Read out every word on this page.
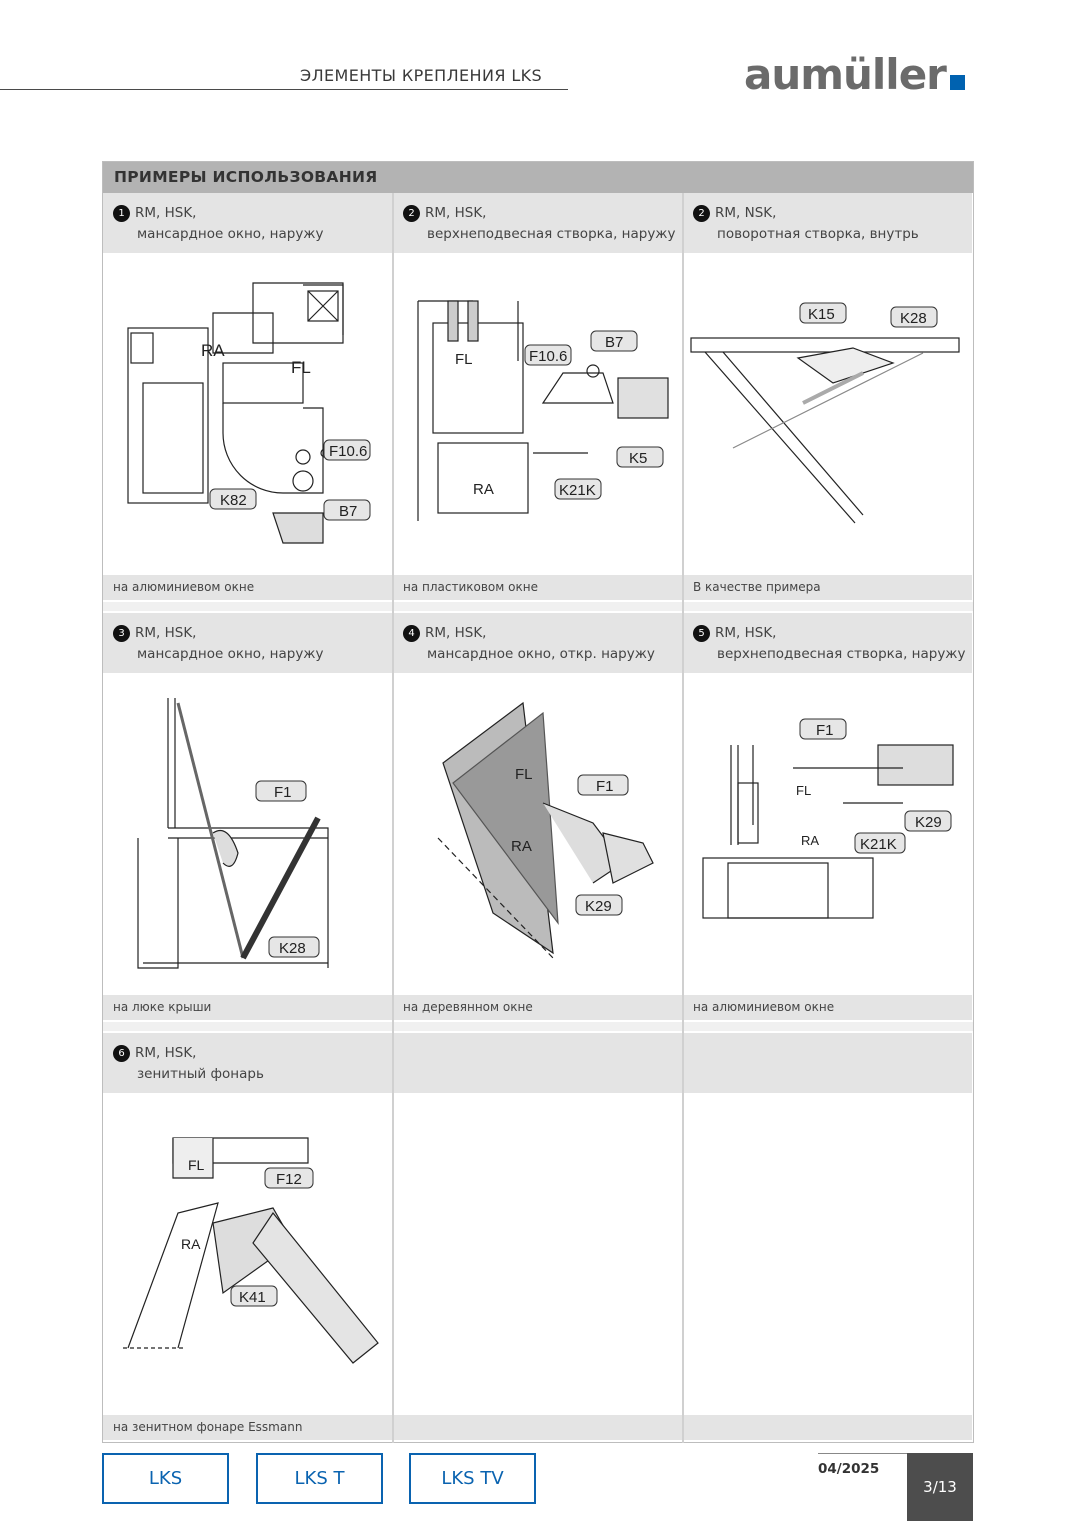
ЭЛЕМЕНТЫ КРЕПЛЕНИЯ LKS	aumüller
ПРИМЕРЫ ИСПОЛЬЗОВАНИЯ
1 RM, HSK,
мансардное окно, наружу
RA
FL
F10.6
K82
B7
на алюминиевом окне
2 RM, HSK,
верхнеподвесная створка, наружу
FL	F10.6
B7
K5
RA	K21K
на пластиковом окне
2 RM, NSK,
поворотная створка, внутрь
K15	K28
В качестве примера
3 RM, HSK,
мансардное окно, наружу
F1
K28
на люке крыши
4 RM, HSK,
мансардное окно, откр. наружу
FL
F1
RA
K29
на деревянном окне
5 RM, HSK,
верхнеподвесная створка, наружу
F1
FL
K29
RA	K21K
на алюминиевом окне
6 RM, HSK,
зенитный фонарь
FL
F12
RA
K41
на зенитном фонаре Essmann
LKS	LKS T	LKS TV	04/2025
3/13
